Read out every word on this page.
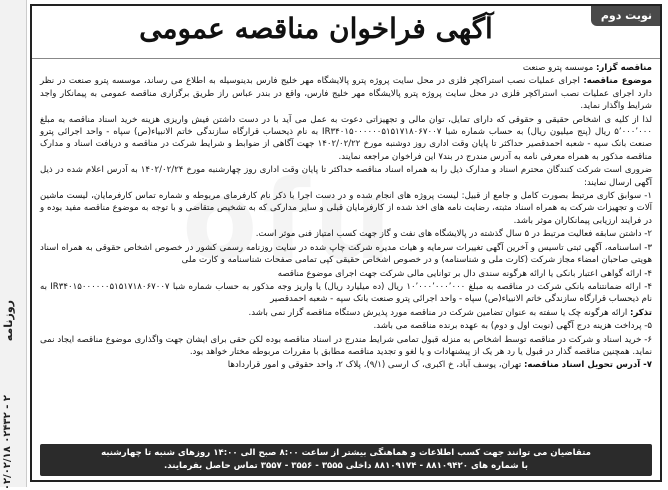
روزنامه
۰۲/۰۲/۱۸ ۰۲۴۳۲ - ۲
نوبت دوم
آگهی فراخوان مناقصه عمومی

مناقصه گزار: موسسه پترو صنعت

موضوع مناقصه: اجرای عملیات نصب استراکچر فلزی در محل سایت پروژه پترو پالایشگاه مهر خلیج فارس بدینوسیله به اطلاع می رساند، موسسه پترو صنعت در نظر دارد اجرای عملیات نصب استراکچر فلزی در محل سایت پروژه پترو پالایشگاه مهر خلیج فارس، واقع در بندر عباس راز طریق برگزاری مناقصه عمومی به پیمانکار واجد شرایط واگذار نماید.

لذا از کلیه ی اشخاص حقیقی و حقوقی که دارای تمایل، توان مالی و تجهیزاتی دعوت به عمل می آید با در دست داشتن فیش واریزی هزینه خرید اسناد مناقصه به مبلغ ۵٬۰۰۰٬۰۰۰ ریال (پنج میلیون ریال) به حساب شماره شبا IR۳۴۰۱۵۰۰۰۰۰۰۵۱۵۱۷۱۸۰۶۷۰۰۷ به نام ذیحساب قرارگاه سازندگی خاتم الانبیاء(ص) سپاه - واحد اجرائی پترو صنعت بانک سپه - شعبه احمدقصیر حداکثر تا پایان وقت اداری روز دوشنبه مورخ ۱۴۰۲/۰۲/۲۲ جهت آگاهی از ضوابط و شرایط شرکت در مناقصه و دریافت اسناد و مدارک مناقصه مذکور به همراه معرفی نامه به آدرس مندرج در بند۷ این فراخوان مراجعه نمایند.

ضروری است شرکت کنندگان محترم اسناد و مدارک ذیل را به همراه اسناد مناقصه حداکثر تا پایان وقت اداری روز چهارشنبه مورخ ۱۴۰۲/۰۲/۲۴ به آدرس اعلام شده در ذیل آگهی ارسال نمایند:

۱- سوابق کاری مرتبط بصورت کامل و جامع از قبیل: لیست پروژه های انجام شده و در دست اجرا با ذکر نام کارفرمای مربوطه و شماره تماس کارفرمایان، لیست ماشین آلات و تجهیزات شرکت به همراه اسناد مثبته، رضایت نامه های اخذ شده از کارفرمایان قبلی و سایر مدارکی که به تشخیص متقاضی و با توجه به موضوع مناقصه مفید بوده و در فرایند ارزیابی پیمانکاران موثر باشد.

۲- داشتن سابقه فعالیت مرتبط در ۵ سال گذشته در پالایشگاه های نفت و گاز جهت کسب امتیاز فنی موثر است.

۳- اساسنامه، آگهی ثبتی تاسیس و آخرین آگهی تغییرات سرمایه و هیات مدیره شرکت چاپ شده در سایت روزنامه رسمی کشور در خصوص اشخاص حقوقی به همراه اسناد هویتی صاحبان امضاء مجاز شرکت (کارت ملی و شناسنامه) و در خصوص اشخاص حقیقی کپی تمامی صفحات شناسنامه و کارت ملی

۴- ارائه گواهی اعتبار بانکی یا ارائه هرگونه سندی دال بر توانایی مالی شرکت جهت اجرای موضوع مناقصه

۴- ارائه ضمانتنامه بانکی شرکت در مناقصه به مبلغ ۱۰٬۰۰۰٬۰۰۰٬۰۰۰ ریال (ده میلیارد ریال) یا واریز وجه مذکور به حساب شماره شبا IR۳۴۰۱۵۰۰۰۰۰۰۵۱۵۱۷۱۸۰۶۷۰۰۷ به نام ذیحساب قرارگاه سازندگی خاتم الانبیاء(ص) سپاه - واحد اجرائی پترو صنعت بانک سپه - شعبه احمدقصیر

تذکر: ارائه هرگونه چک یا سفته به عنوان تضامین شرکت در مناقصه مورد پذیرش دستگاه مناقصه گزار نمی باشد.

۵- پرداخت هزینه درج آگهی (نوبت اول و دوم) به عهده برنده مناقصه می باشد.

۶- خرید اسناد و شرکت در مناقصه توسط اشخاص به منزله قبول تمامی شرایط مندرج در اسناد مناقصه بوده لکن حقی برای ایشان جهت واگذاری موضوع مناقصه ایجاد نمی نماید. همچنین مناقصه گذار در قبول یا رد هر یک از پیشنهادات و یا لغو و تجدید مناقصه مطابق با مقررات مربوطه مختار خواهد بود.

۷- آدرس تحویل اسناد مناقصه: تهران، یوسف آباد، خ اکبری، ک ارسی (۹/۱)، پلاک ۲، واحد حقوقی و امور قراردادها

متقاضیان می توانند جهت کسب اطلاعات و هماهنگی بیشتر از ساعت ۸:۰۰ صبح الی ۱۴:۰۰ روزهای شنبه تا چهارشنبه
با شماره های ۸۸۱۰۹۴۲۰ - ۸۸۱۰۹۱۷۴ داخلی ۳۵۵۵ - ۳۵۵۶ - ۳۵۵۷ تماس حاصل بفرمایند.
